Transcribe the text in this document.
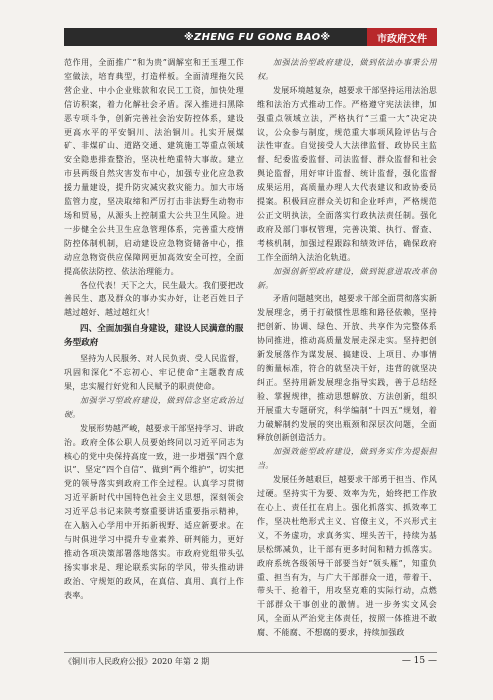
※ZHENG FU GONG BAO※	市政府文件

范作用，全面推广“和为贵”调解室和王玉理工作室做法，培育典型，打造样板。全面清理拖欠民营企业、中小企业账款和农民工工资，加快处理信访积案，着力化解社会矛盾。深入推进扫黑除恶专项斗争，创新完善社会治安防控体系，建设更高水平的平安铜川、法治铜川。扎实开展煤矿、非煤矿山、道路交通、建筑施工等重点领域安全隐患排查整治，坚决杜绝重特大事故。建立市县两级自然灾害发布中心，加强专业化应急救援力量建设，提升防灾减灾救灾能力。加大市场监管力度，坚决取缔和严厉打击非法野生动物市场和贸易，从源头上控制重大公共卫生风险。进一步健全公共卫生应急管理体系，完善重大疫情防控体制机制，启动建设应急物资储备中心，推动应急物资供应保障网更加高效安全可控，全面提高依法防控、依法治理能力。

各位代表！天下之大，民生最大。我们要把改善民生、惠及群众的事办实办好，让老百姓日子越过越好、越过越红火！

四、全面加强自身建设，建设人民满意的服务型政府

坚持为人民服务、对人民负责、受人民监督，巩固和深化“不忘初心、牢记使命”主题教育成果，忠实履行好党和人民赋予的职责使命。

加强学习型政府建设，做到信念坚定政治过硬。

发展形势越严峻，越要求干部坚持学习、讲政治。政府全体公职人员要始终同以习近平同志为核心的党中央保持高度一致，进一步增强“四个意识”、坚定“四个自信”、做到“两个维护”，切实把党的领导落实到政府工作全过程。认真学习贯彻习近平新时代中国特色社会主义思想，深刻领会习近平总书记来陕考察重要讲话重要指示精神，在入脑入心学用中开拓新视野、适应新要求。在与时俱进学习中提升专业素养、研判能力，更好推动各项决策部署落地落实。市政府党组带头弘扬实事求是、理论联系实际的学风，带头推动讲政治、守规矩的政风，在真信、真用、真行上作表率。

加强法治型政府建设，做到依法办事秉公用权。

发展环境越复杂，越要求干部坚持运用法治思维和法治方式推动工作。严格遵守宪法法律，加强重点领域立法，严格执行“三重一大”决定决议，公众参与制度，规范重大事项风险评估与合法性审查。自觉接受人大法律监督、政协民主监督、纪委监委监督、司法监督、群众监督和社会舆论监督，用好审计监督、统计监督，强化监督成果运用，高质量办理人大代表建议和政协委员提案。积极回应群众关切和企业呼声，严格规范公正文明执法，全面落实行政执法责任制。强化政府及部门事权管理，完善决策、执行、督查、考核机制，加强过程跟踪和绩效评估，确保政府工作全面纳入法治化轨道。

加强创新型政府建设，做到锐意进取改革创新。

矛盾问题越突出，越要求干部全面贯彻落实新发展理念，勇于打破惯性思维和路径依赖，坚持把创新、协调、绿色、开放、共享作为完整体系协同推进，推动高质量发展走深走实。坚持把创新发展落作为谋发展、搞建设、上项目、办事情的衡量标准，符合的就坚决干好，违背的就坚决纠正。坚持用新发展理念指导实践，善于总结经验、掌握规律，推动思想解放、方法创新，组织开展重大专题研究，科学编制“十四五”规划，着力破解制约发展的突出瓶颈和深层次问题，全面释放创新创造活力。

加强效能型政府建设，做到务实作为提振担当。

发展任务越艰巨，越要求干部勇于担当、作风过硬。坚持实干为要、效率为先，始终把工作放在心上、责任扛在肩上。强化抓落实、抓效率工作，坚决杜绝形式主义、官僚主义，不兴形式主义，不务虚功，求真务实、埋头苦干，持续为基层松绑减负，让干部有更多时间和精力抓落实。政府系统各级领导干部要当好“领头雁”，知重负重、担当有为，与广大干部群众一道，带着干、带头干、抢着干，用攻坚克难的实际行动，点燃干部群众干事创业的激情。进一步务实文风会风，全面从严治党主体责任，按照一体推进不敢腐、不能腐、不想腐的要求，持续加强政

《铜川市人民政府公报》2020 年第 2 期	— 15 —
